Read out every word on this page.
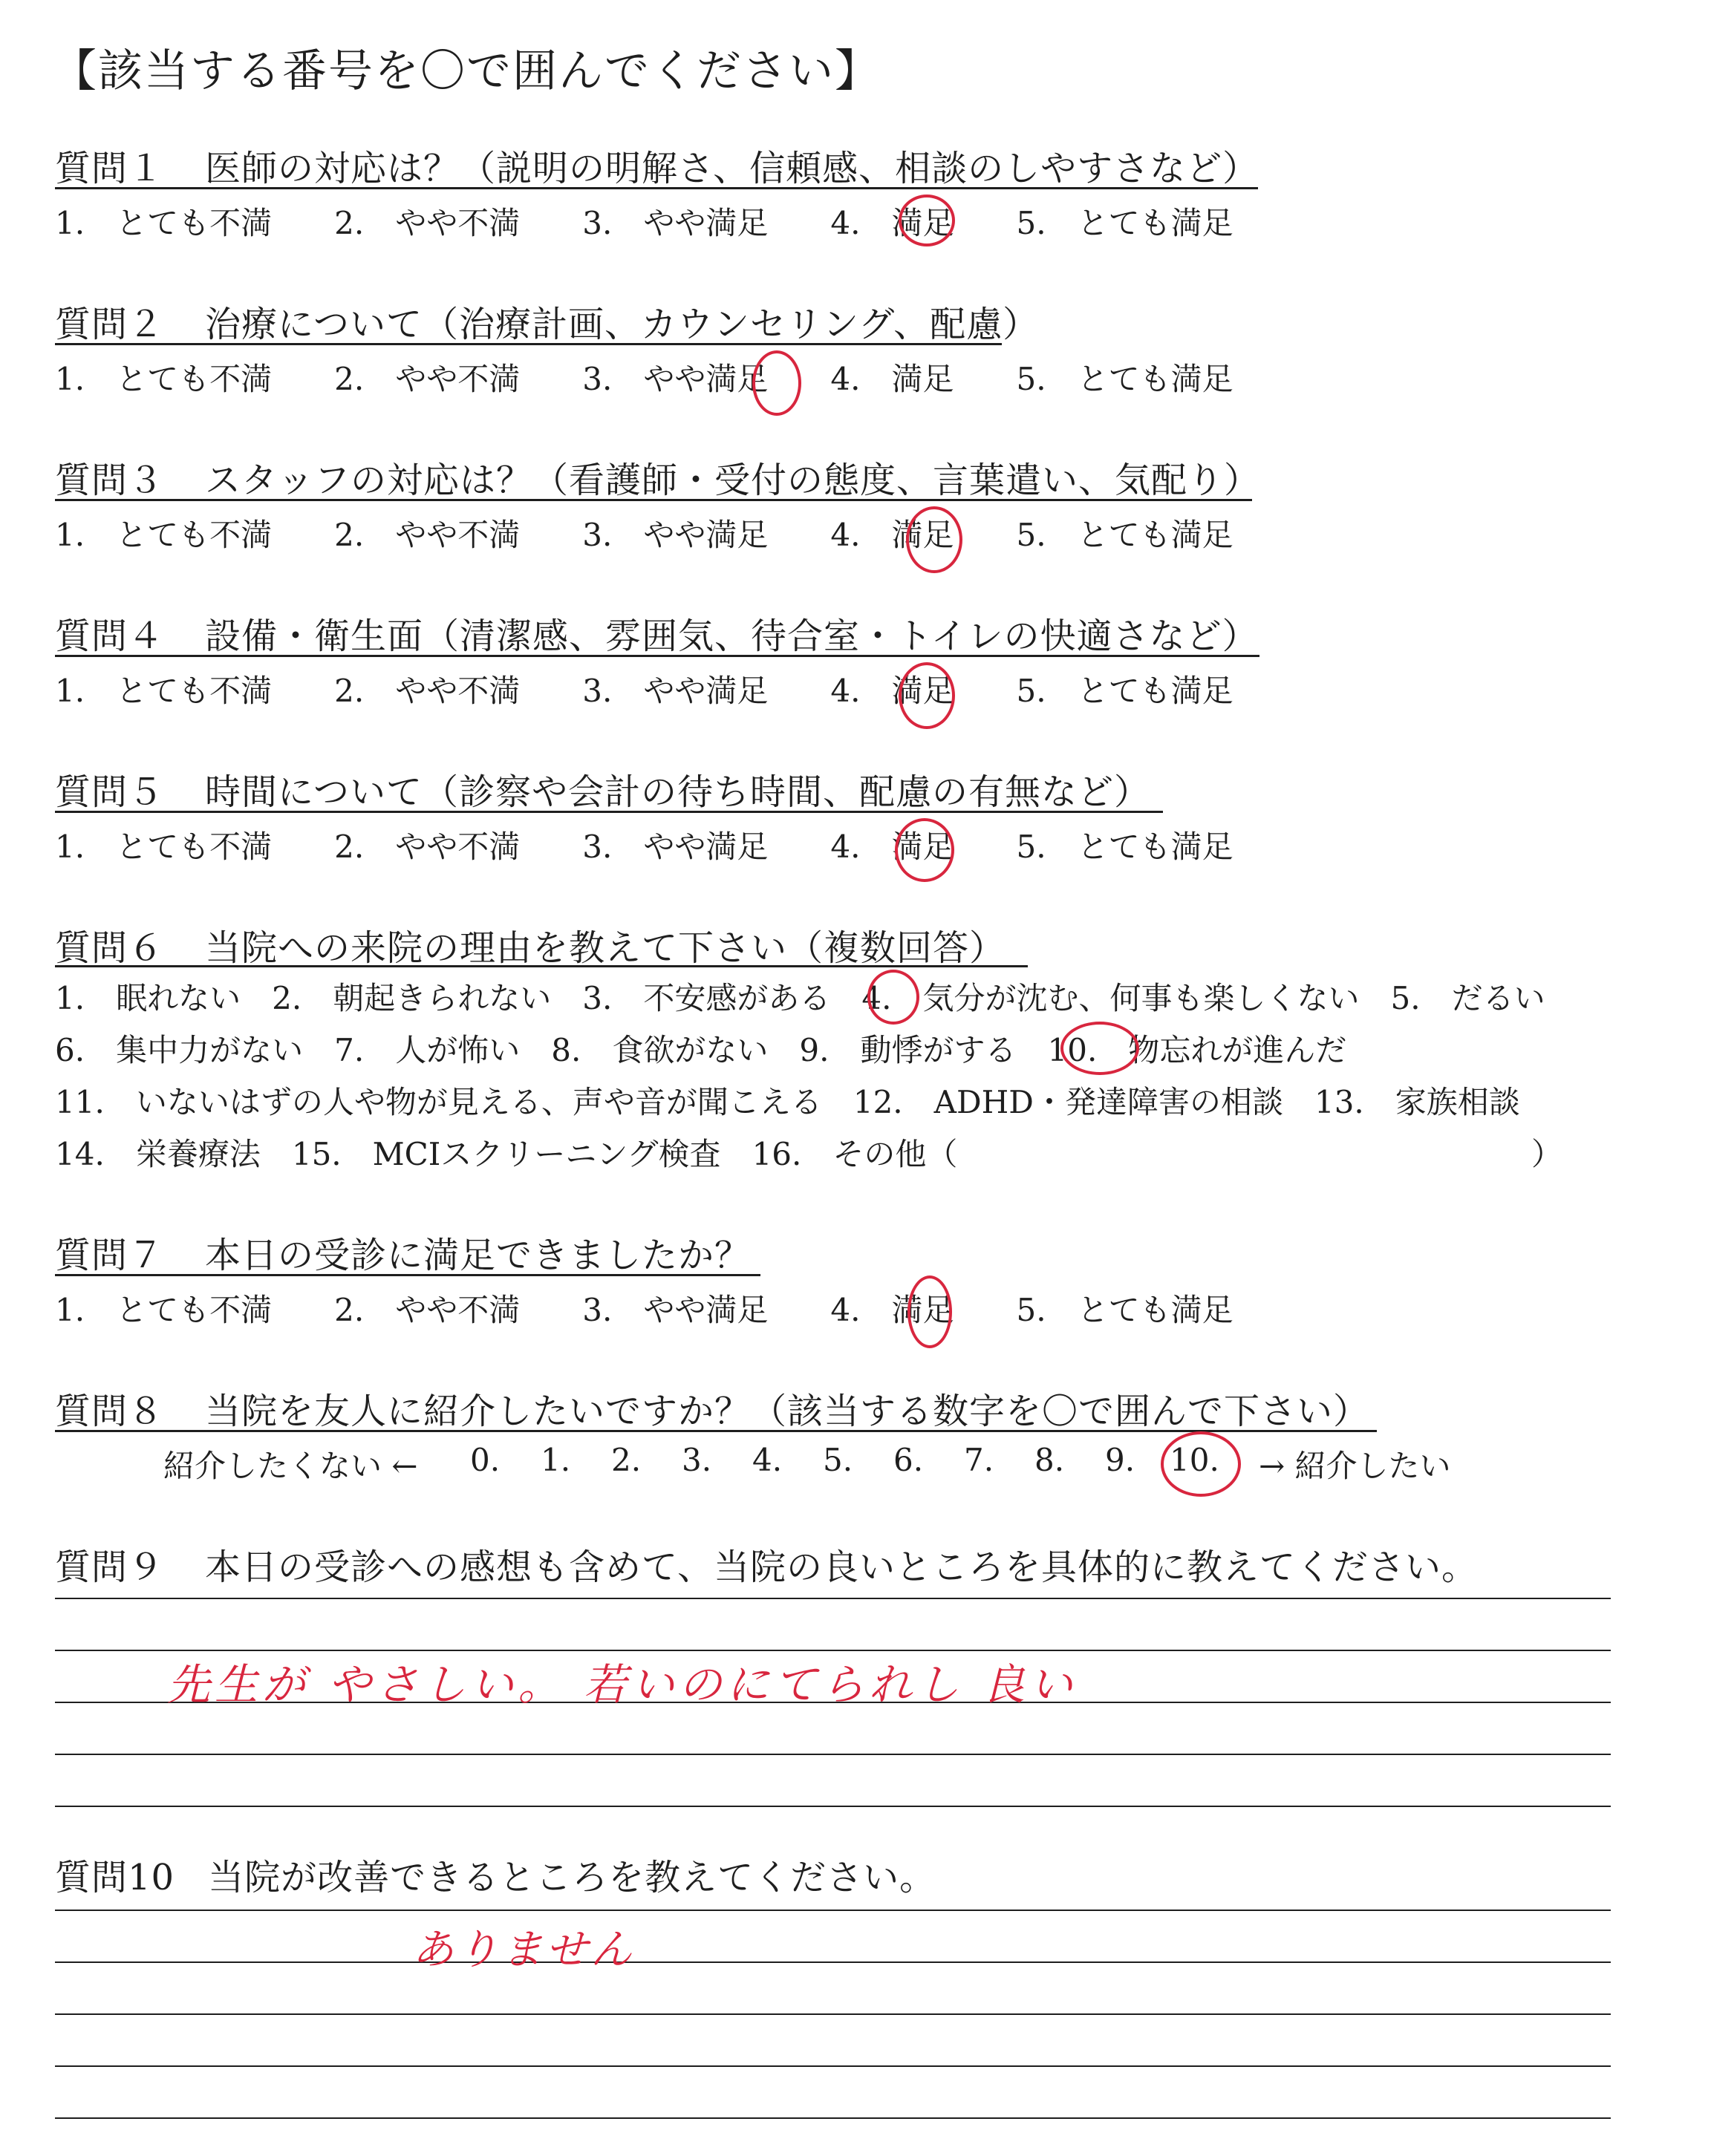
【該当する番号を〇で囲んでください】
質問１ 医師の対応は？（説明の明解さ、信頼感、相談のしやすさなど）
1.　 とても不満　　 2.　 やや不満　　 3.　 やや満足　　 4.　 満足　　 5.　 とても満足
質問２ 治療について（治療計画、カウンセリング、配慮）
1.　 とても不満　　 2.　 やや不満　　 3.　 やや満足　　 4.　 満足　　 5.　 とても満足
質問３ スタッフの対応は？（看護師・受付の態度、言葉遣い、気配り）
1.　 とても不満　　 2.　 やや不満　　 3.　 やや満足　　 4.　 満足　　 5.　 とても満足
質問４ 設備・衛生面（清潔感、雰囲気、待合室・トイレの快適さなど）
1.　 とても不満　　 2.　 やや不満　　 3.　 やや満足　　 4.　 満足　　 5.　 とても満足
質問５ 時間について（診察や会計の待ち時間、配慮の有無など）
1.　 とても不満　　 2.　 やや不満　　 3.　 やや満足　　 4.　 満足　　 5.　 とても満足
質問６ 当院への来院の理由を教えて下さい（複数回答）
1.　 眠れない　 2.　 朝起きられない　 3.　 不安感がある　 4.　 気分が沈む、何事も楽しくない　 5.　 だるい
6.　 集中力がない　 7.　 人が怖い　 8.　 食欲がない　 9.　 動悸がする　 10.　 物忘れが進んだ
11.　 いないはずの人や物が見える、声や音が聞こえる　 12.　 ADHD・発達障害の相談　 13.　 家族相談
14.　 栄養療法　 15.　 MCIスクリーニング検査　 16.　 その他（	）
質問７ 本日の受診に満足できましたか？
1.　 とても不満　　 2.　 やや不満　　 3.　 やや満足　　 4.　 満足　　 5.　 とても満足
質問８ 当院を友人に紹介したいですか？（該当する数字を〇で囲んで下さい）
紹介したくない ← 0. 1. 2. 3. 4. 5. 6. 7. 8. 9. 10. → 紹介したい
質問９ 本日の受診への感想も含めて、当院の良いところを具体的に教えてください。
先生が やさしい。 若いのにてられし 良い
質問10 当院が改善できるところを教えてください。
ありません
